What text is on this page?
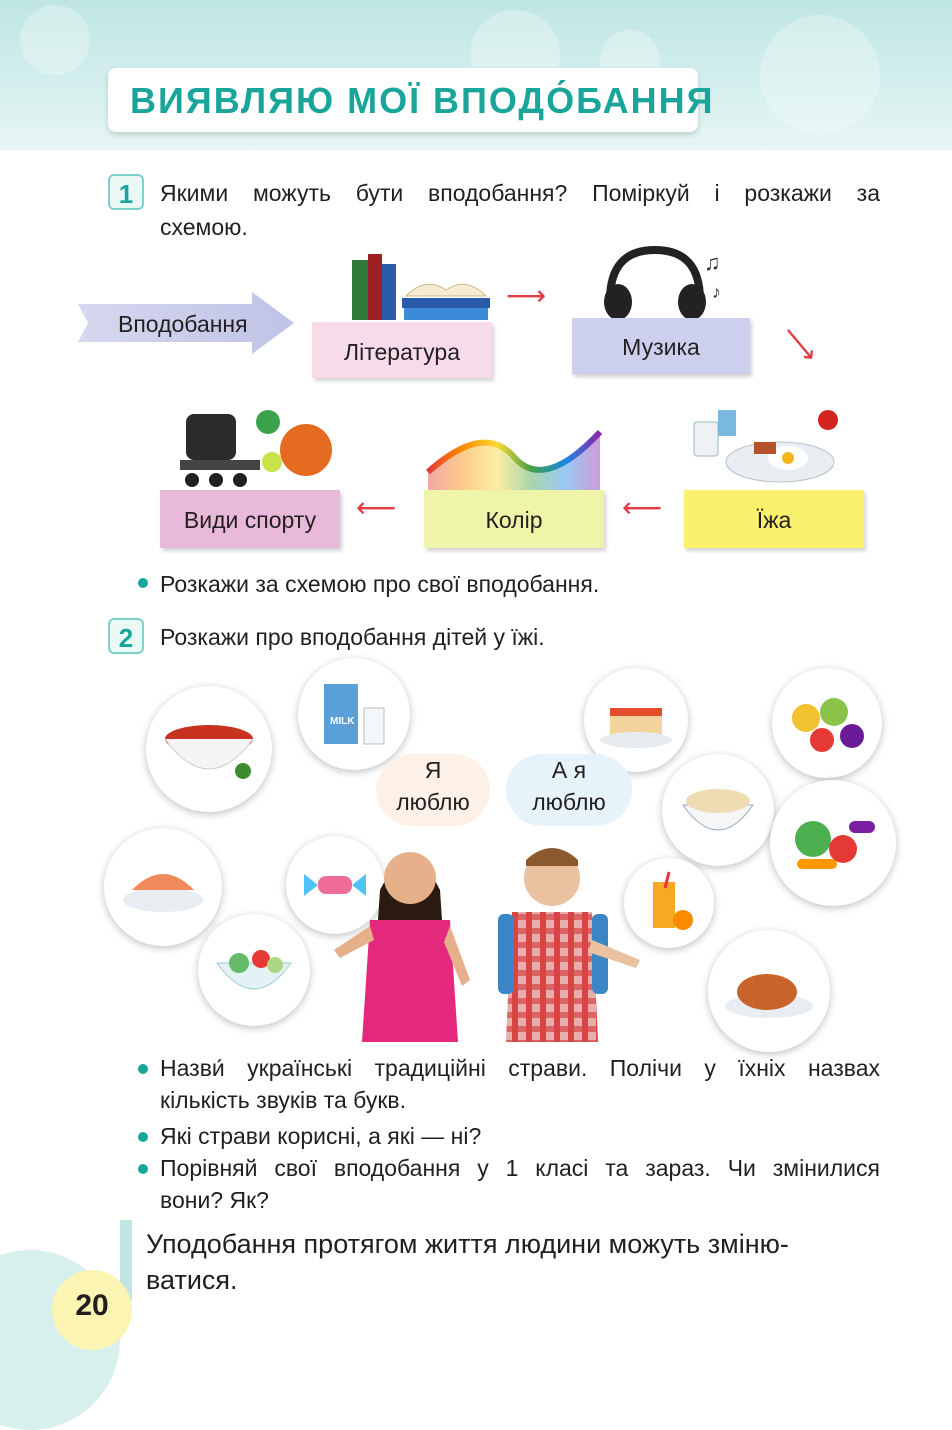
ВИЯВЛЯЮ МОЇ ВПОДО́БАННЯ
1	Якими можуть бути вподобання? Поміркуй і розкажи за
схемою.
Вподобання
Література
⟶
♫
♪
Музика	⟶
Їжа
⟵
Колір
⟵
Види спорту
Розкажи за схемою про свої вподобання.
2	Розкажи про вподобання дітей у їжі.
MILK
Я
люблю
А я
люблю
Назви́ українські традиційні страви. Полічи у їхніх назвах
кількість звуків та букв.
Які страви корисні, а які — ні?
Порівняй свої вподобання у 1 класі та зараз. Чи змінилися
вони? Як?
Уподобання протягом життя людини можуть зміню-
ватися.
20
